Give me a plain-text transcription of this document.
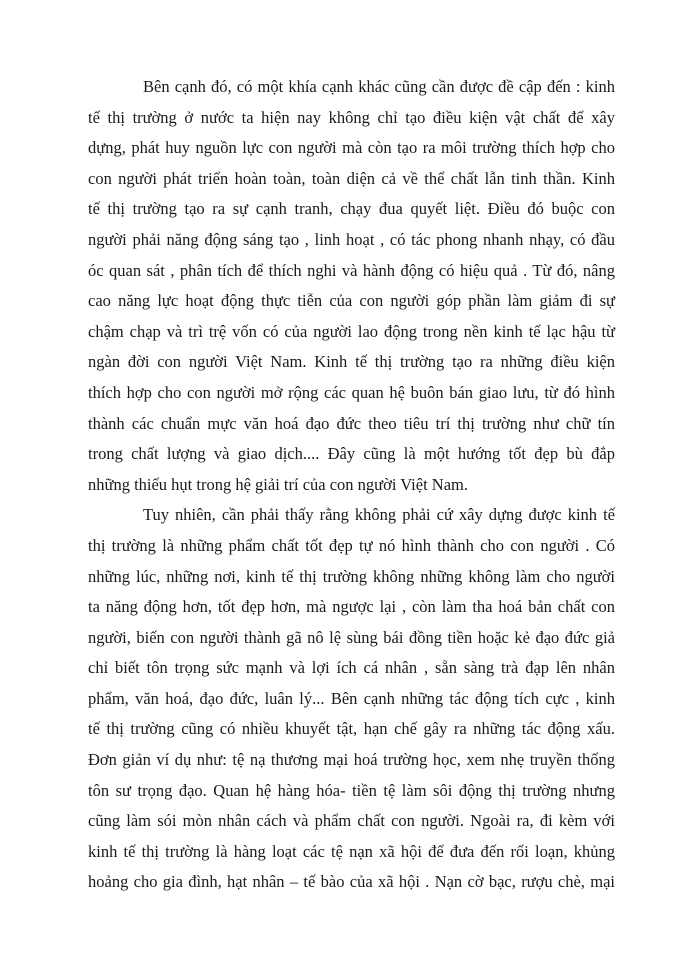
Bên cạnh đó, có một khía cạnh khác cũng cần được đề cập đến : kinh
tế thị trường ở nước ta hiện nay không chỉ tạo điều kiện vật chất để xây
dựng, phát huy nguồn lực con người mà còn tạo ra môi trường thích hợp cho
con người phát triển hoàn toàn, toàn diện cả về thể chất lẫn tinh thần. Kinh
tế thị trường tạo ra sự cạnh tranh, chạy đua quyết liệt. Điều đó buộc con
người phải năng động sáng tạo , linh hoạt , có tác phong nhanh nhạy, có đầu
óc quan sát , phân tích để thích nghi và hành động có hiệu quả . Từ đó, nâng
cao năng lực hoạt động thực tiễn của con người góp phần làm giảm đi sự
chậm chạp và trì trệ vốn có của người lao động trong nền kinh tế lạc hậu từ
ngàn đời con người Việt Nam. Kinh tế thị trường tạo ra những điều kiện
thích hợp cho con người mở rộng các quan hệ buôn bán giao lưu, từ đó hình
thành các chuẩn mực văn hoá đạo đức theo tiêu trí thị trường như chữ tín
trong chất lượng và giao dịch.... Đây cũng là một hướng tốt đẹp bù đắp
những thiếu hụt trong hệ giải trí của con người Việt Nam.
Tuy nhiên, cần phải thấy rằng không phải cứ xây dựng được kinh tế
thị trường là những phẩm chất tốt đẹp tự nó hình thành cho con người . Có
những lúc, những nơi, kinh tế thị trường không những không làm cho người
ta năng động hơn, tốt đẹp hơn, mà ngược lại , còn làm tha hoá bản chất con
người, biến con người thành gã nô lệ sùng bái đồng tiền hoặc kẻ đạo đức giả
chỉ biết tôn trọng sức mạnh và lợi ích cá nhân , sẵn sàng trà đạp lên nhân
phẩm, văn hoá, đạo đức, luân lý... Bên cạnh những tác động tích cực , kinh
tế thị trường cũng có nhiều khuyết tật, hạn chế gây ra những tác động xấu.
Đơn giản ví dụ như: tệ nạ thương mại hoá trường học, xem nhẹ truyền thống
tôn sư trọng đạo. Quan hệ hàng hóa- tiền tệ làm sôi động thị trường nhưng
cũng làm sói mòn nhân cách và phẩm chất con người. Ngoài ra, đi kèm với
kinh tế thị trường là hàng loạt các tệ nạn xã hội để đưa đến rối loạn, khủng
hoảng cho gia đình, hạt nhân – tế bào của xã hội . Nạn cờ bạc, rượu chè, mại
